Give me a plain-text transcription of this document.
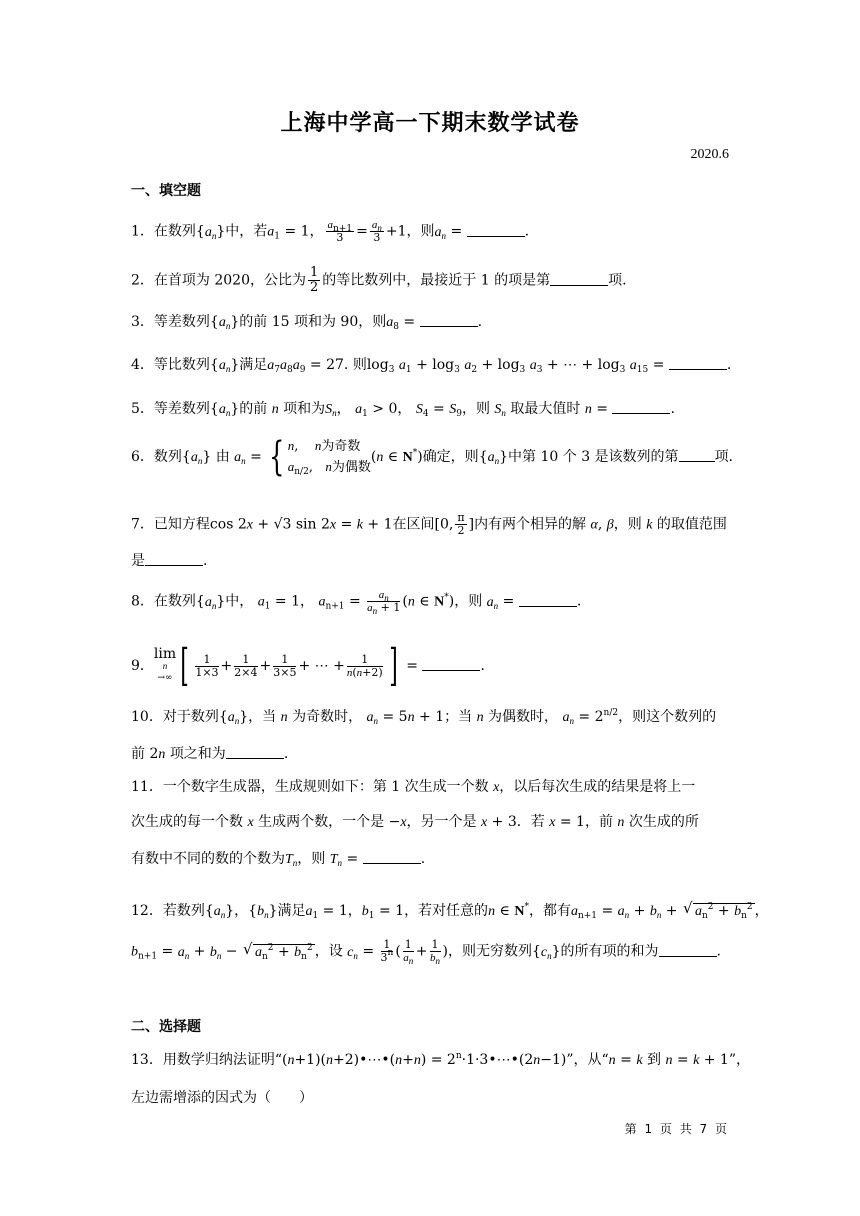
上海中学高一下期末数学试卷
2020.6
一、填空题
1．在数列$\{a_n\}$中，若$a_1 = 1$， $\frac{a_{n+1}}{3} = \frac{a_n}{3} +1$，则$a_n$ =	.
2．在首项为 2020，公比为 $\frac{1}{2}$ 的等比数列中，最接近于 1 的项是第	项.
3．等差数列$\{a_n\}$的前 15 项和为 90，则$a_8$ =	.
4．等比数列$\{a_n\}$满足$a_7a_8a_9 = 27$. 则$\log_3 a_1 + \log_3 a_2 + \log_3 a_3$ + ⋯ + $\log_3 a_{15}$ =	.
5．等差数列$\{a_n\}$的前 n 项和为$S_n$， $a_1 > 0$， $S_4 = S_9$，则 $S_n$ 取最大值时 n =	.
6．数列$\{a_n\}$ 由 $a_n$ = { n,    n为奇数
$a_{n/2}$,   n为偶数(n ∈ N*)确定，则$\{a_n\}$中第 10 个 3 是该数列的第	项.
7．已知方程cos 2x + √3 sin 2x = k + 1在区间[0, $\frac{\pi}{2}$ ]内有两个相异的解 α, β，则 k 的取值范围
是	.
8．在数列$\{a_n\}$中， $a_1 = 1$， $a_{n+1} = \frac{a_n}{a_n + 1} (n$ ∈ N*)，则 $a_n$ =	.
9．
lim
n
→∞ [ $\frac{1}{1\times 3} + \frac{1}{2\times 4} + \frac{1}{3\times 5}$ + ⋯ + $\frac{1}{n(n+2)}$ ] =	.
10．对于数列$\{a_n\}$，当 n 为奇数时， $a_n = 5n + 1$；当 n 为偶数时， $a_n = 2^{n/2}$，则这个数列的
前 2n 项之和为	.
11．一个数字生成器，生成规则如下：第 1 次生成一个数 x，以后每次生成的结果是将上一
次生成的每一个数 x 生成两个数，一个是 −x，另一个是 x + 3．若 x = 1，前 n 次生成的所
有数中不同的数的个数为$T_n$，则 $T_n$ =	.
12．若数列$\{a_n\}$，$\{b_n\}$满足$a_1 = 1$，$b_1 = 1$，若对任意的n ∈ N*，都有$a_{n+1} = a_n + b_n$ + √ $a_n^2 + b_n^2$ ，
$b_{n+1} = a_n + b_n$ − √ $a_n^2 + b_n^2$ ，设 $c_n = \frac{1}{3^n}$ ( $\frac{1}{a_n} + \frac{1}{b_n}$ )，则无穷数列$\{c_n\}$的所有项的和为	.
二、选择题
13．用数学归纳法证明“(n+1)(n+2)•⋯•(n+n) = $2^n\cdot 1\cdot 3•\cdots•(2n-1)$”，从“n = k 到 n = k + 1”，
左边需增添的因式为（　　）
第 1 页 共 7 页
